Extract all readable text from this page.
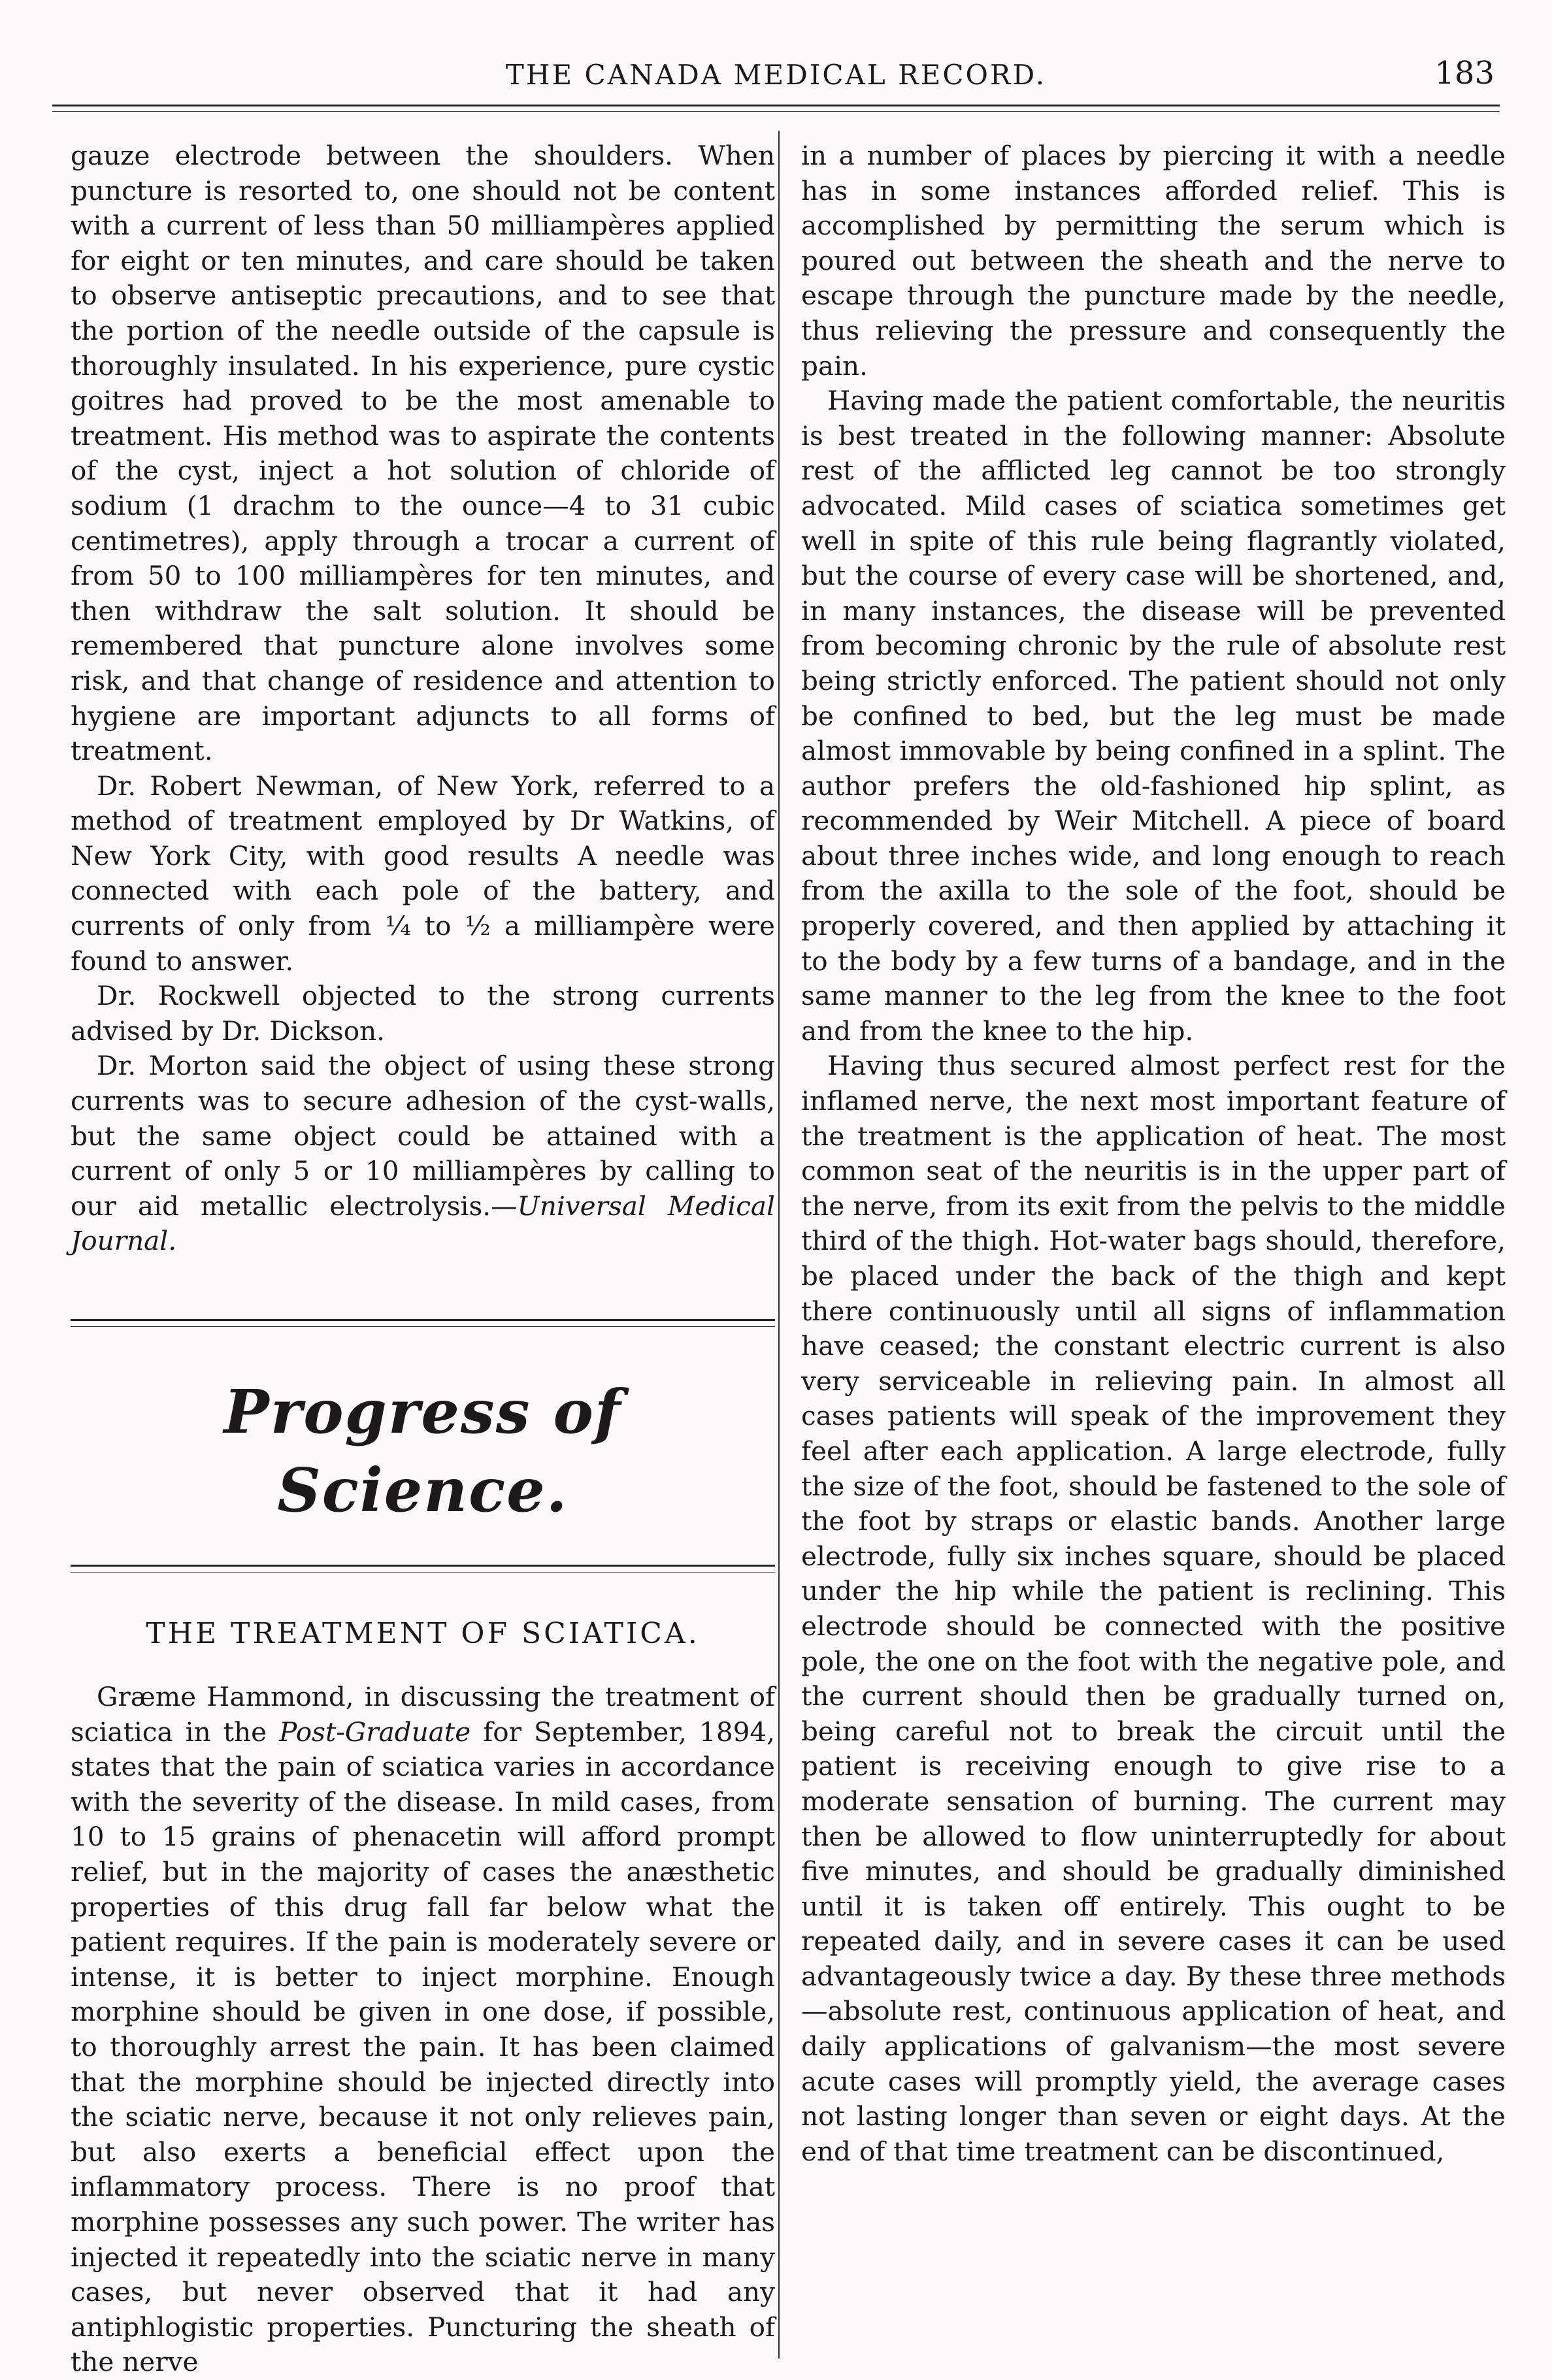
THE CANADA MEDICAL RECORD.	183

gauze electrode between the shoulders. When puncture is resorted to, one should not be content with a current of less than 50 milliampères applied for eight or ten minutes, and care should be taken to observe antiseptic precautions, and to see that the portion of the needle outside of the capsule is thoroughly insulated. In his experience, pure cystic goitres had proved to be the most amenable to treatment. His method was to aspirate the contents of the cyst, inject a hot solution of chloride of sodium (1 drachm to the ounce—4 to 31 cubic centimetres), apply through a trocar a current of from 50 to 100 milliampères for ten minutes, and then withdraw the salt solution. It should be remembered that puncture alone involves some risk, and that change of residence and attention to hygiene are important adjuncts to all forms of treatment.

Dr. Robert Newman, of New York, referred to a method of treatment employed by Dr Watkins, of New York City, with good results A needle was connected with each pole of the battery, and currents of only from ¼ to ½ a milliampère were found to answer.

Dr. Rockwell objected to the strong currents advised by Dr. Dickson.

Dr. Morton said the object of using these strong currents was to secure adhesion of the cyst-walls, but the same object could be attained with a current of only 5 or 10 milliampères by calling to our aid metallic electrolysis.—Universal Medical Journal.

Progress of Science.
THE TREATMENT OF SCIATICA.

Græme Hammond, in discussing the treatment of sciatica in the Post-Graduate for September, 1894, states that the pain of sciatica varies in accordance with the severity of the disease. In mild cases, from 10 to 15 grains of phenacetin will afford prompt relief, but in the majority of cases the anæsthetic properties of this drug fall far below what the patient requires. If the pain is moderately severe or intense, it is better to inject morphine. Enough morphine should be given in one dose, if possible, to thoroughly arrest the pain. It has been claimed that the morphine should be injected directly into the sciatic nerve, because it not only relieves pain, but also exerts a beneficial effect upon the inflammatory process. There is no proof that morphine possesses any such power. The writer has injected it repeatedly into the sciatic nerve in many cases, but never observed that it had any antiphlogistic properties. Puncturing the sheath of the nerve

in a number of places by piercing it with a needle has in some instances afforded relief. This is accomplished by permitting the serum which is poured out between the sheath and the nerve to escape through the puncture made by the needle, thus relieving the pressure and consequently the pain.

Having made the patient comfortable, the neuritis is best treated in the following manner: Absolute rest of the afflicted leg cannot be too strongly advocated. Mild cases of sciatica sometimes get well in spite of this rule being flagrantly violated, but the course of every case will be shortened, and, in many instances, the disease will be prevented from becoming chronic by the rule of absolute rest being strictly enforced. The patient should not only be confined to bed, but the leg must be made almost immovable by being confined in a splint. The author prefers the old-fashioned hip splint, as recommended by Weir Mitchell. A piece of board about three inches wide, and long enough to reach from the axilla to the sole of the foot, should be properly covered, and then applied by attaching it to the body by a few turns of a bandage, and in the same manner to the leg from the knee to the foot and from the knee to the hip.

Having thus secured almost perfect rest for the inflamed nerve, the next most important feature of the treatment is the application of heat. The most common seat of the neuritis is in the upper part of the nerve, from its exit from the pelvis to the middle third of the thigh. Hot-water bags should, therefore, be placed under the back of the thigh and kept there continuously until all signs of inflammation have ceased; the constant electric current is also very serviceable in relieving pain. In almost all cases patients will speak of the improvement they feel after each application. A large electrode, fully the size of the foot, should be fastened to the sole of the foot by straps or elastic bands. Another large electrode, fully six inches square, should be placed under the hip while the patient is reclining. This electrode should be connected with the positive pole, the one on the foot with the negative pole, and the current should then be gradually turned on, being careful not to break the circuit until the patient is receiving enough to give rise to a moderate sensation of burning. The current may then be allowed to flow uninterruptedly for about five minutes, and should be gradually diminished until it is taken off entirely. This ought to be repeated daily, and in severe cases it can be used advantageously twice a day. By these three methods—absolute rest, continuous application of heat, and daily applications of galvanism—the most severe acute cases will promptly yield, the average cases not lasting longer than seven or eight days. At the end of that time treatment can be discontinued,
